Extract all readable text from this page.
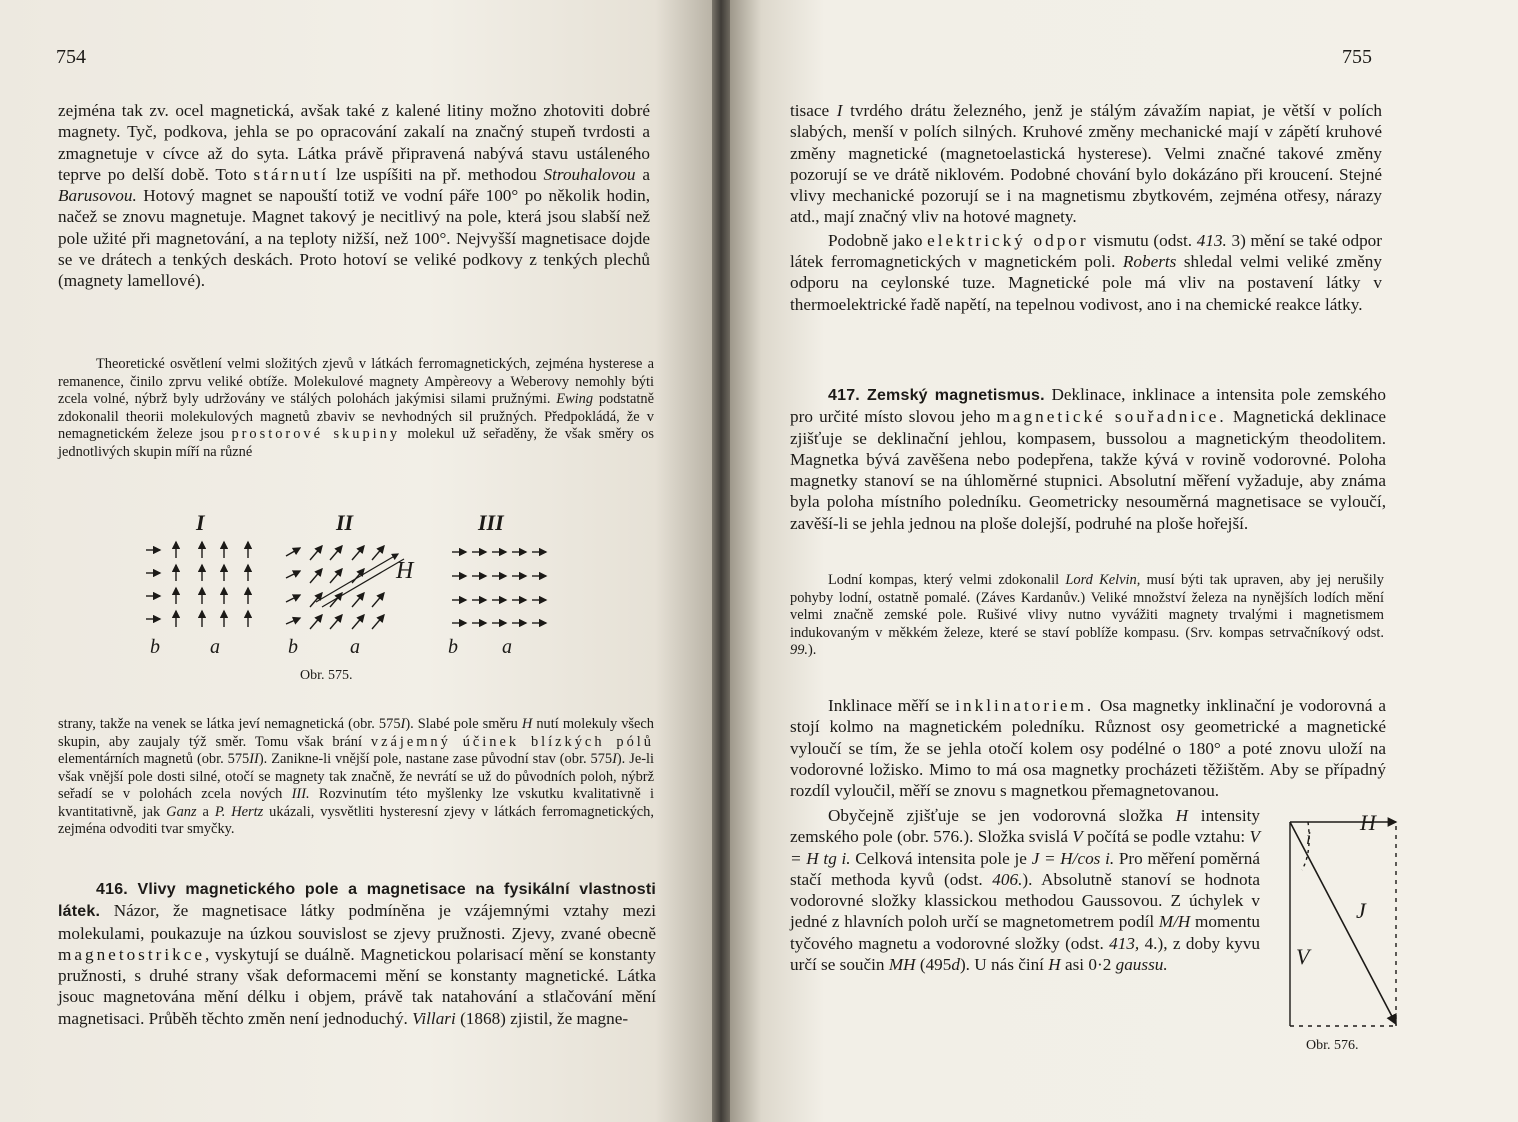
754

zejména tak zv. ocel magnetická, avšak také z kalené litiny možno zhotoviti dobré magnety. Tyč, podkova, jehla se po opracování zakalí na značný stupeň tvrdosti a zmagnetuje v cívce až do syta. Látka právě připravená nabývá stavu ustáleného teprve po delší době. Toto stárnutí lze uspíšiti na př. methodou Strouhalovou a Barusovou. Hotový magnet se napouští totiž ve vodní páře 100° po několik hodin, načež se znovu magnetuje. Magnet takový je necitlivý na pole, která jsou slabší než pole užité při magnetování, a na teploty nižší, než 100°. Nejvyšší magnetisace dojde se ve drátech a tenkých deskách. Proto hotoví se veliké podkovy z tenkých plechů (magnety lamellové).

Theoretické osvětlení velmi složitých zjevů v látkách ferromagnetických, zejména hysterese a remanence, činilo zprvu veliké obtíže. Molekulové magnety Ampèreovy a Weberovy nemohly býti zcela volné, nýbrž byly udržovány ve stálých polohách jakýmisi silami pružnými. Ewing podstatně zdokonalil theorii molekulových magnetů zbaviv se nevhodných sil pružných. Předpokládá, že v nemagnetickém železe jsou prostorové skupiny molekul už seřaděny, že však směry os jednotlivých skupin míří na různé

I	II	III
H
b	a	b	a	b a
Obr. 575.

strany, takže na venek se látka jeví nemagnetická (obr. 575I). Slabé pole směru H nutí molekuly všech skupin, aby zaujaly týž směr. Tomu však brání vzájemný účinek blízkých pólů elementárních magnetů (obr. 575II). Zanikne-li vnější pole, nastane zase původní stav (obr. 575I). Je-li však vnější pole dosti silné, otočí se magnety tak značně, že nevrátí se už do původních poloh, nýbrž seřadí se v polohách zcela nových III. Rozvinutím této myšlenky lze vskutku kvalitativně i kvantitativně, jak Ganz a P. Hertz ukázali, vysvětliti hysteresní zjevy v látkách ferromagnetických, zejména odvoditi tvar smyčky.

416. Vlivy magnetického pole a magnetisace na fysikální vlastnosti látek. Názor, že magnetisace látky podmíněna je vzájemnými vztahy mezi molekulami, poukazuje na úzkou souvislost se zjevy pružnosti. Zjevy, zvané obecně magnetostrikce, vyskytují se duálně. Magnetickou polarisací mění se konstanty pružnosti, s druhé strany však deformacemi mění se konstanty magnetické. Látka jsouc magnetována mění délku i objem, právě tak natahování a stlačování mění magnetisaci. Průběh těchto změn není jednoduchý. Villari (1868) zjistil, že magne-

755

tisace I tvrdého drátu železného, jenž je stálým závažím napiat, je větší v polích slabých, menší v polích silných. Kruhové změny mechanické mají v zápětí kruhové změny magnetické (magnetoelastická hysterese). Velmi značné takové změny pozorují se ve drátě niklovém. Podobné chování bylo dokázáno při kroucení. Stejné vlivy mechanické pozorují se i na magnetismu zbytkovém, zejména otřesy, nárazy atd., mají značný vliv na hotové magnety.

Podobně jako elektrický odpor vismutu (odst. 413. 3) mění se také odpor látek ferromagnetických v magnetickém poli. Roberts shledal velmi veliké změny odporu na ceylonské tuze. Magnetické pole má vliv na postavení látky v thermoelektrické řadě napětí, na tepelnou vodivost, ano i na chemické reakce látky.

417. Zemský magnetismus. Deklinace, inklinace a intensita pole zemského pro určité místo slovou jeho magnetické souřadnice. Magnetická deklinace zjišťuje se deklinační jehlou, kompasem, bussolou a magnetickým theodolitem. Magnetka bývá zavěšena nebo podepřena, takže kývá v rovině vodorovné. Poloha magnetky stanoví se na úhloměrné stupnici. Absolutní měření vyžaduje, aby známa byla poloha místního poledníku. Geometricky nesouměrná magnetisace se vyloučí, zavěší-li se jehla jednou na ploše dolejší, podruhé na ploše hořejší.

Lodní kompas, který velmi zdokonalil Lord Kelvin, musí býti tak upraven, aby jej nerušily pohyby lodní, ostatně pomalé. (Záves Kardanův.) Veliké množství železa na nynějších lodích mění velmi značně zemské pole. Rušivé vlivy nutno vyvážiti magnety trvalými i magnetismem indukovaným v měkkém železe, které se staví poblíže kompasu. (Srv. kompas setrvačníkový odst. 99.).

Inklinace měří se inklinatoriem. Osa magnetky inklinační je vodorovná a stojí kolmo na magnetickém poledníku. Různost osy geometrické a magnetické vyloučí se tím, že se jehla otočí kolem osy podélné o 180° a poté znovu uloží na vodorovné ložisko. Mimo to má osa magnetky procházeti těžištěm. Aby se případný rozdíl vyloučil, měří se znovu s magnetkou přemagnetovanou.

Obyčejně zjišťuje se jen vodorovná složka H intensity zemského pole (obr. 576.). Složka svislá V počítá se podle vztahu: V = H tg i. Celková intensita pole je J = H/cos i. Pro měření poměrná stačí methoda kyvů (odst. 406.). Absolutně stanoví se hodnota vodorovné složky klassickou methodou Gaussovou. Z úchylek v jedné z hlavních poloh určí se magnetometrem podíl M/H momentu tyčového magnetu a vodorovné složky (odst. 413, 4.), z doby kyvu určí se součin MH (495d). U nás činí H asi 0·2 gaussu.

i
H
J
V
Obr. 576.
